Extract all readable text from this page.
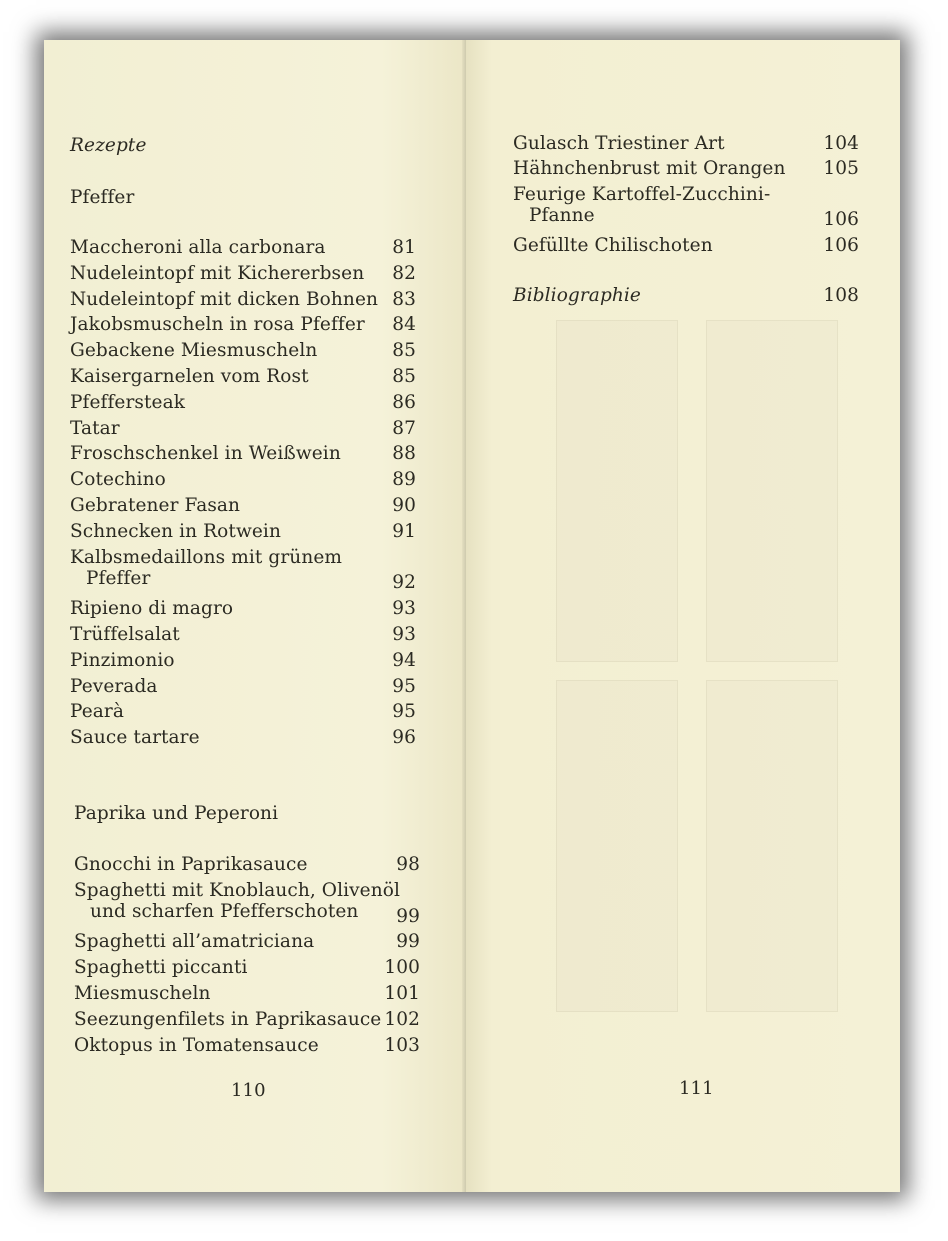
Rezepte
Pfeffer
Maccheroni alla carbonara	81
Nudeleintopf mit Kichererbsen	82
Nudeleintopf mit dicken Bohnen 83
Jakobsmuscheln in rosa Pfeffer	84
Gebackene Miesmuscheln	85
Kaisergarnelen vom Rost	85
Pfeffersteak	86
Tatar	87
Froschschenkel in Weißwein	88
Cotechino	89
Gebratener Fasan	90
Schnecken in Rotwein	91
Kalbsmedaillons mit grünem
Pfeffer	92
Ripieno di magro	93
Trüffelsalat	93
Pinzimonio	94
Peverada	95
Pearà	95
Sauce tartare	96
Paprika und Peperoni
Gnocchi in Paprikasauce	98
Spaghetti mit Knoblauch, Olivenöl
und scharfen Pfefferschoten	99
Spaghetti all’amatriciana	99
Spaghetti piccanti	100
Miesmuscheln	101
Seezungenfilets in Paprikasauce 102
Oktopus in Tomatensauce	103
110
Gulasch Triestiner Art	104
Hähnchenbrust mit Orangen	105
Feurige Kartoffel-Zucchini-
Pfanne	106
Gefüllte Chilischoten	106
Bibliographie	108
111
